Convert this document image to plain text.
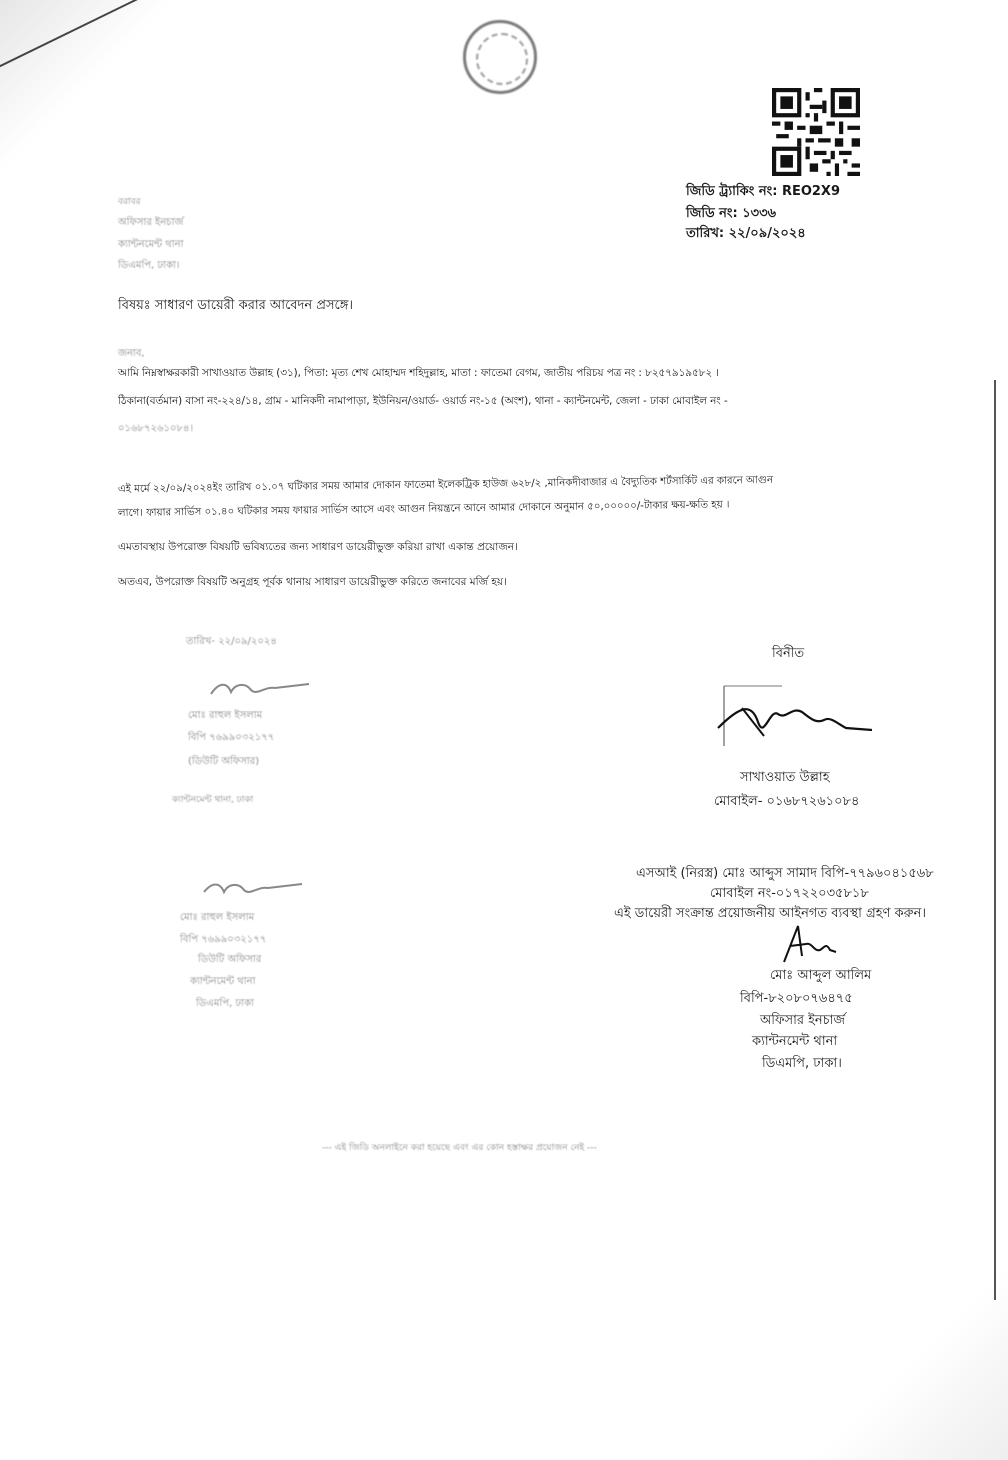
জিডি ট্র্যাকিং নং: REO2X9
জিডি নং: ১৩৩৬
তারিখ: ২২/০৯/২০২৪
বরাবর
অফিসার ইনচার্জ
ক্যান্টনমেন্ট থানা
ডিএমপি, ঢাকা।
বিষয়ঃ সাধারণ ডায়েরী করার আবেদন প্রসঙ্গে।
জনাব,
আমি নিম্নস্বাক্ষরকারী সাখাওয়াত উল্লাহ (৩১), পিতা: মৃত্য শেখ মোহাম্মদ শহিদুল্লাহ, মাতা : ফাতেমা বেগম, জাতীয় পরিচয় পত্র নং : ৮২৫৭৯১৯৫৮২ ।
ঠিকানা(বর্তমান) বাসা নং-২২৪/১৪, গ্রাম - মানিকদী নামাপাড়া, ইউনিয়ন/ওয়ার্ড- ওয়ার্ড নং-১৫ (অংশ), থানা - ক্যান্টনমেন্ট, জেলা - ঢাকা মোবাইল নং -
০১৬৮৭২৬১০৮৪।
এই মর্মে ২২/০৯/২০২৪ইং তারিখ ০১.০৭ ঘটিকার সময় আমার দোকান ফাতেমা ইলেকট্রিক হাউজ ৬২৮/২ ,মানিকদীবাজার এ বৈদ্যুতিক শর্টসার্কিট এর কারনে আগুন
লাগে। ফায়ার সার্ভিস ০১.৪০ ঘটিকার সময় ফায়ার সার্ভিস আসে এবং আগুন নিয়ন্ত্রনে আনে আমার দোকানে অনুমান ৫০,০০০০০/-টাকার ক্ষয়-ক্ষতি হয় ।
এমতাবস্থায় উপরোক্ত বিষয়টি ভবিষ্যতের জন্য সাধারণ ডায়েরীভুক্ত করিয়া রাখা একান্ত প্রয়োজন।
অতএব, উপরোক্ত বিষয়টি অনুগ্রহ পূর্বক থানায় সাধারণ ডায়েরীভুক্ত করিতে জনাবের মর্জি হয়।
তারিখ- ২২/০৯/২০২৪
মোঃ রাহুল ইসলাম
বিপি ৭৬৯৯০৩২১৭৭
(ডিউটি অফিসার)
ক্যান্টনমেন্ট থানা, ঢাকা
বিনীত
সাখাওয়াত উল্লাহ
মোবাইল- ০১৬৮৭২৬১০৮৪
মোঃ রাহুল ইসলাম
বিপি ৭৬৯৯০৩২১৭৭
ডিউটি অফিসার
ক্যান্টনমেন্ট থানা
ডিএমপি, ঢাকা
এসআই (নিরস্ত্র) মোঃ আব্দুস সামাদ বিপি-৭৭৯৬০৪১৫৬৮
মোবাইল নং-০১৭২২০৩৫৮১৮
এই ডায়েরী সংক্রান্ত প্রয়োজনীয় আইনগত ব্যবস্থা গ্রহণ করুন।
মোঃ আব্দুল আলিম
বিপি-৮২০৮০৭৬৪৭৫
অফিসার ইনচার্জ
ক্যান্টনমেন্ট থানা
ডিএমপি, ঢাকা।
--- এই জিডি অনলাইনে করা হয়েছে এবং এর কোন হস্তাক্ষর প্রয়োজন নেই ---
